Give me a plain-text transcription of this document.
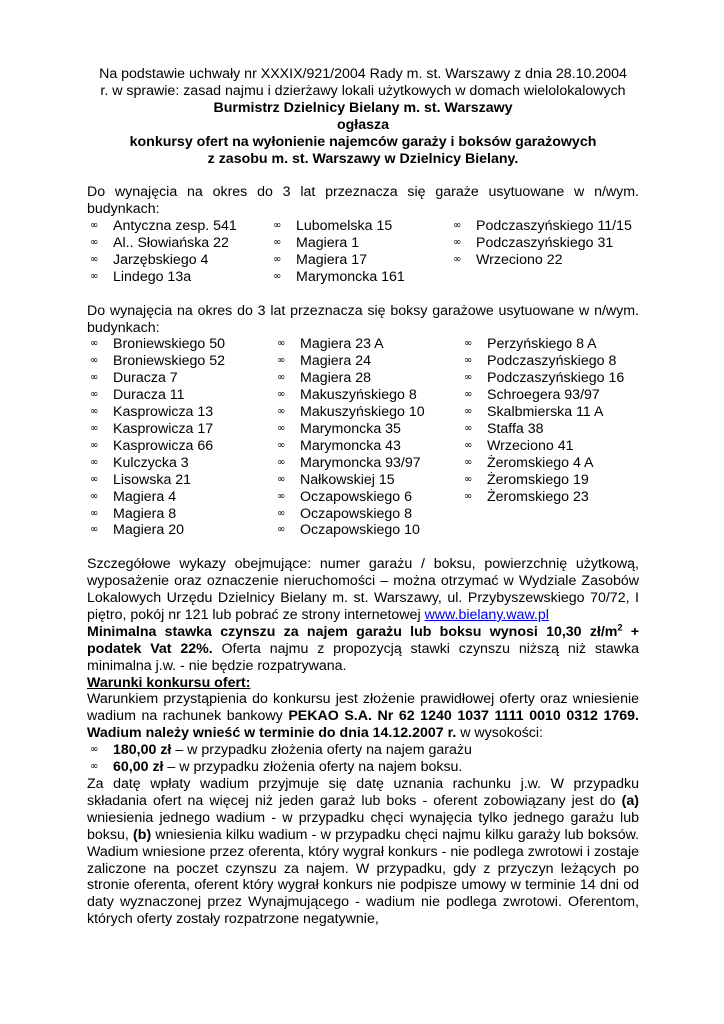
Na podstawie uchwały nr XXXIX/921/2004 Rady m. st. Warszawy z dnia 28.10.2004

r. w sprawie: zasad najmu i dzierżawy lokali użytkowych w domach wielolokalowych

Burmistrz Dzielnicy Bielany m. st. Warszawy

ogłasza

konkursy ofert na wyłonienie najemców garaży i boksów garażowych

z zasobu m. st. Warszawy w Dzielnicy Bielany.

Do wynajęcia na okres do 3 lat przeznacza się garaże usytuowane w n/wym. budynkach:

∞ Antyczna zesp. 541
∞ Al.. Słowiańska 22
∞ Jarzębskiego 4
∞ Lindego 13a
∞ Lubomelska 15
∞ Magiera 1
∞ Magiera 17
∞ Marymoncka 161
∞ Podczaszyńskiego 11/15
∞ Podczaszyńskiego 31
∞ Wrzeciono 22

Do wynajęcia na okres do 3 lat przeznacza się boksy garażowe usytuowane w n/wym. budynkach:

∞ Broniewskiego 50
∞ Broniewskiego 52
∞ Duracza 7
∞ Duracza 11
∞ Kasprowicza 13
∞ Kasprowicza 17
∞ Kasprowicza 66
∞ Kulczycka 3
∞ Lisowska 21
∞ Magiera 4
∞ Magiera 8
∞ Magiera 20
∞ Magiera 23 A
∞ Magiera 24
∞ Magiera 28
∞ Makuszyńskiego 8
∞ Makuszyńskiego 10
∞ Marymoncka 35
∞ Marymoncka 43
∞ Marymoncka 93/97
∞ Nałkowskiej 15
∞ Oczapowskiego 6
∞ Oczapowskiego 8
∞ Oczapowskiego 10
∞ Perzyńskiego 8 A
∞ Podczaszyńskiego 8
∞ Podczaszyńskiego 16
∞ Schroegera 93/97
∞ Skalbmierska 11 A
∞ Staffa 38
∞ Wrzeciono 41
∞ Żeromskiego 4 A
∞ Żeromskiego 19
∞ Żeromskiego 23

Szczegółowe wykazy obejmujące: numer garażu / boksu, powierzchnię użytkową, wyposażenie oraz oznaczenie nieruchomości – można otrzymać w Wydziale Zasobów Lokalowych Urzędu Dzielnicy Bielany m. st. Warszawy, ul. Przybyszewskiego 70/72, I piętro, pokój nr 121 lub pobrać ze strony internetowej www.bielany.waw.pl

Minimalna stawka czynszu za najem garażu lub boksu wynosi 10,30 $zł/m^2$ + podatek Vat 22%. Oferta najmu z propozycją stawki czynszu niższą niż stawka minimalna j.w. - nie będzie rozpatrywana.

Warunki konkursu ofert:

Warunkiem przystąpienia do konkursu jest złożenie prawidłowej oferty oraz wniesienie wadium na rachunek bankowy PEKAO S.A. Nr 62 1240 1037 1111 0010 0312 1769. Wadium należy wnieść w terminie do dnia 14.12.2007 r. w wysokości:

∞ 180,00 zł – w przypadku złożenia oferty na najem garażu

∞ 60,00 zł – w przypadku złożenia oferty na najem boksu.

Za datę wpłaty wadium przyjmuje się datę uznania rachunku j.w. W przypadku składania ofert na więcej niż jeden garaż lub boks - oferent zobowiązany jest do (a) wniesienia jednego wadium - w przypadku chęci wynajęcia tylko jednego garażu lub boksu, (b) wniesienia kilku wadium - w przypadku chęci najmu kilku garaży lub boksów. Wadium wniesione przez oferenta, który wygrał konkurs - nie podlega zwrotowi i zostaje zaliczone na poczet czynszu za najem. W przypadku, gdy z przyczyn leżących po stronie oferenta, oferent który wygrał konkurs nie podpisze umowy w terminie 14 dni od daty wyznaczonej przez Wynajmującego - wadium nie podlega zwrotowi. Oferentom, których oferty zostały rozpatrzone negatywnie,
